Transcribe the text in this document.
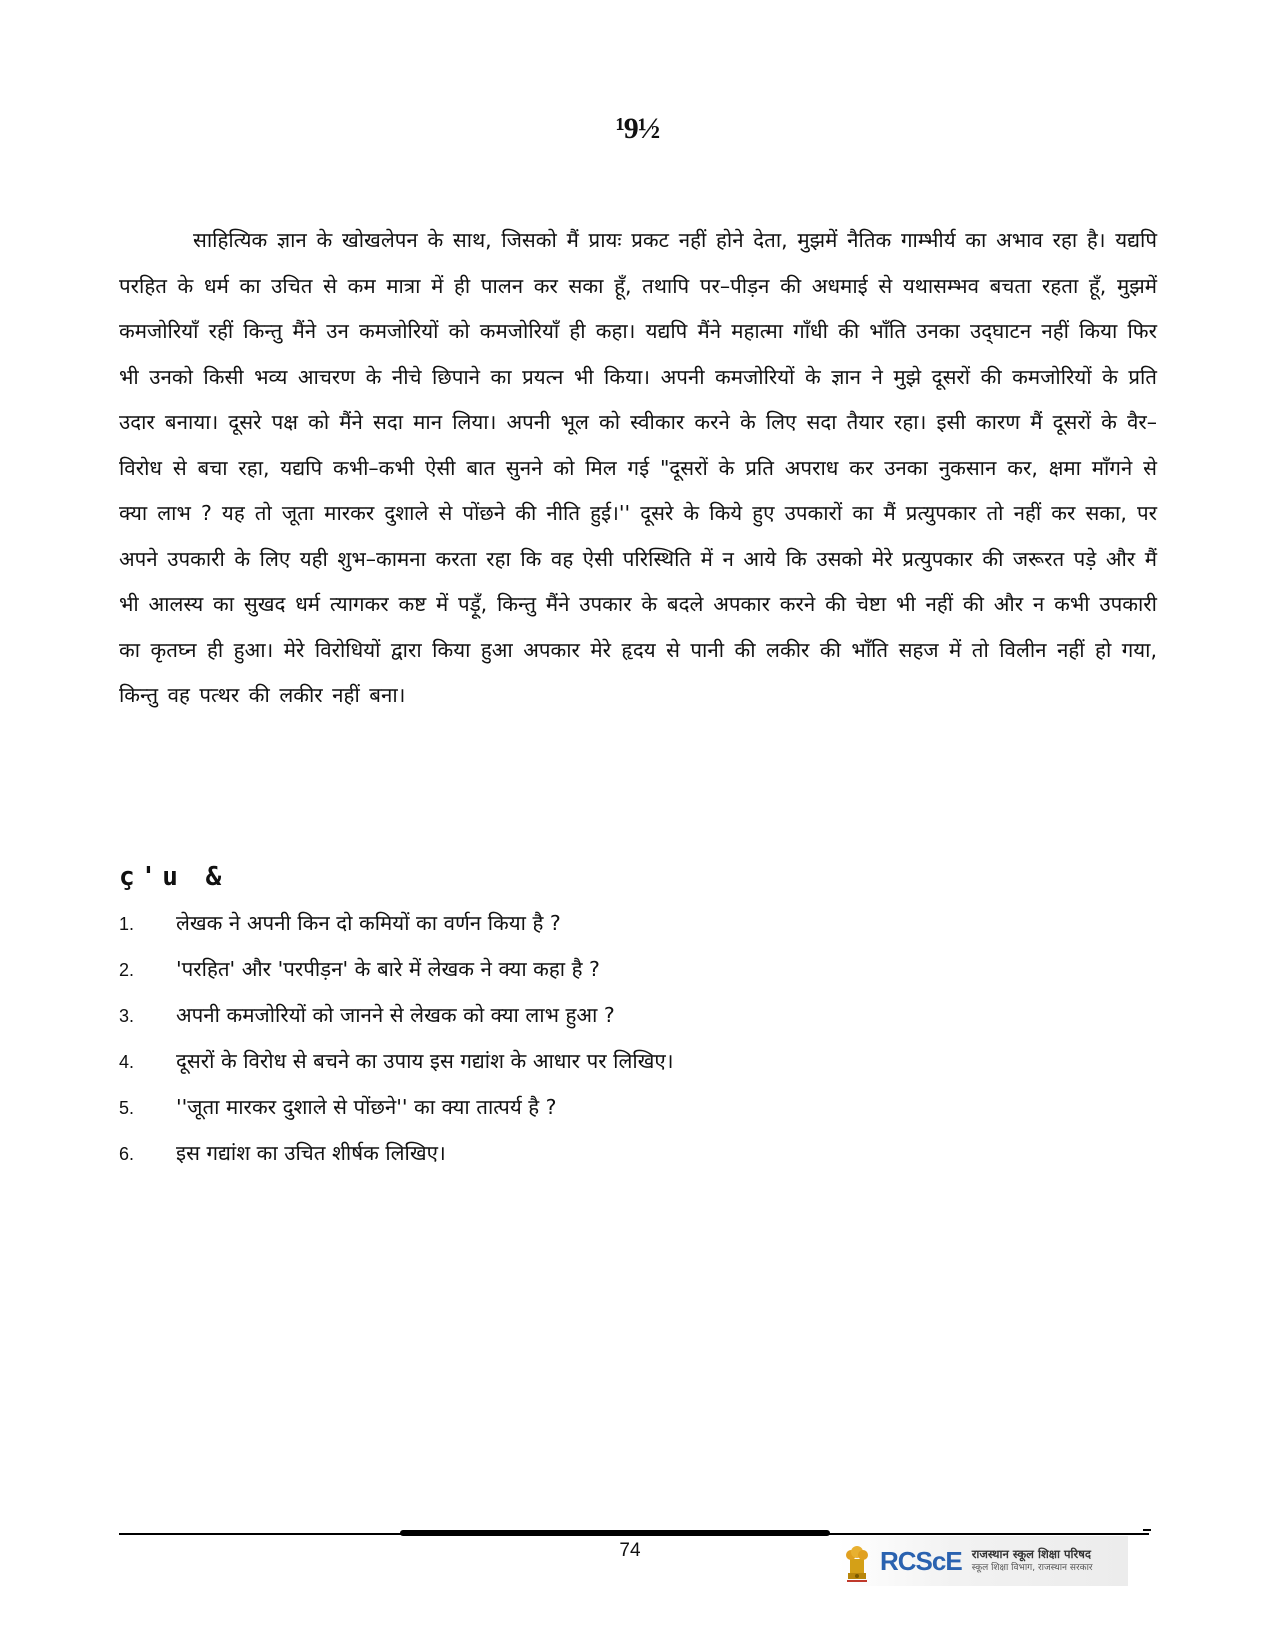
¹9½

साहित्यिक ज्ञान के खोखलेपन के साथ, जिसको मैं प्रायः प्रकट नहीं होने देता, मुझमें नैतिक गाम्भीर्य का अभाव रहा है। यद्यपि परहित के धर्म का उचित से कम मात्रा में ही पालन कर सका हूँ, तथापि पर–पीड़न की अधमाई से यथासम्भव बचता रहता हूँ, मुझमें कमजोरियाँ रहीं किन्तु मैंने उन कमजोरियों को कमजोरियाँ ही कहा। यद्यपि मैंने महात्मा गाँधी की भाँति उनका उद्‌घाटन नहीं किया फिर भी उनको किसी भव्य आचरण के नीचे छिपाने का प्रयत्न भी किया। अपनी कमजोरियों के ज्ञान ने मुझे दूसरों की कमजोरियों के प्रति उदार बनाया। दूसरे पक्ष को मैंने सदा मान लिया। अपनी भूल को स्वीकार करने के लिए सदा तैयार रहा। इसी कारण मैं दूसरों के वैर–विरोध से बचा रहा, यद्यपि कभी–कभी ऐसी बात सुनने को मिल गई "दूसरों के प्रति अपराध कर उनका नुकसान कर, क्षमा माँगने से क्या लाभ ? यह तो जूता मारकर दुशाले से पोंछने की नीति हुई।'' दूसरे के किये हुए उपकारों का मैं प्रत्युपकार तो नहीं कर सका, पर अपने उपकारी के लिए यही शुभ–कामना करता रहा कि वह ऐसी परिस्थिति में न आये कि उसको मेरे प्रत्युपकार की जरूरत पड़े और मैं भी आलस्य का सुखद धर्म त्यागकर कष्ट में पड़ूँ, किन्तु मैंने उपकार के बदले अपकार करने की चेष्टा भी नहीं की और न कभी उपकारी का कृतघ्न ही हुआ। मेरे विरोधियों द्वारा किया हुआ अपकार मेरे हृदय से पानी की लकीर की भाँति सहज में तो विलीन नहीं हो गया, किन्तु वह पत्थर की लकीर नहीं बना।

ç'u &
1.	लेखक ने अपनी किन दो कमियों का वर्णन किया है ?
2.	'परहित' और 'परपीड़न' के बारे में लेखक ने क्या कहा है ?
3.	अपनी कमजोरियों को जानने से लेखक को क्या लाभ हुआ ?
4.	दूसरों के विरोध से बचने का उपाय इस गद्यांश के आधार पर लिखिए।
5.	''जूता मारकर दुशाले से पोंछने'' का क्या तात्पर्य है ?
6.	इस गद्यांश का उचित शीर्षक लिखिए।
74	RCScE राजस्थान स्कूल शिक्षा परिषद
स्कूल शिक्षा विभाग, राजस्थान सरकार
